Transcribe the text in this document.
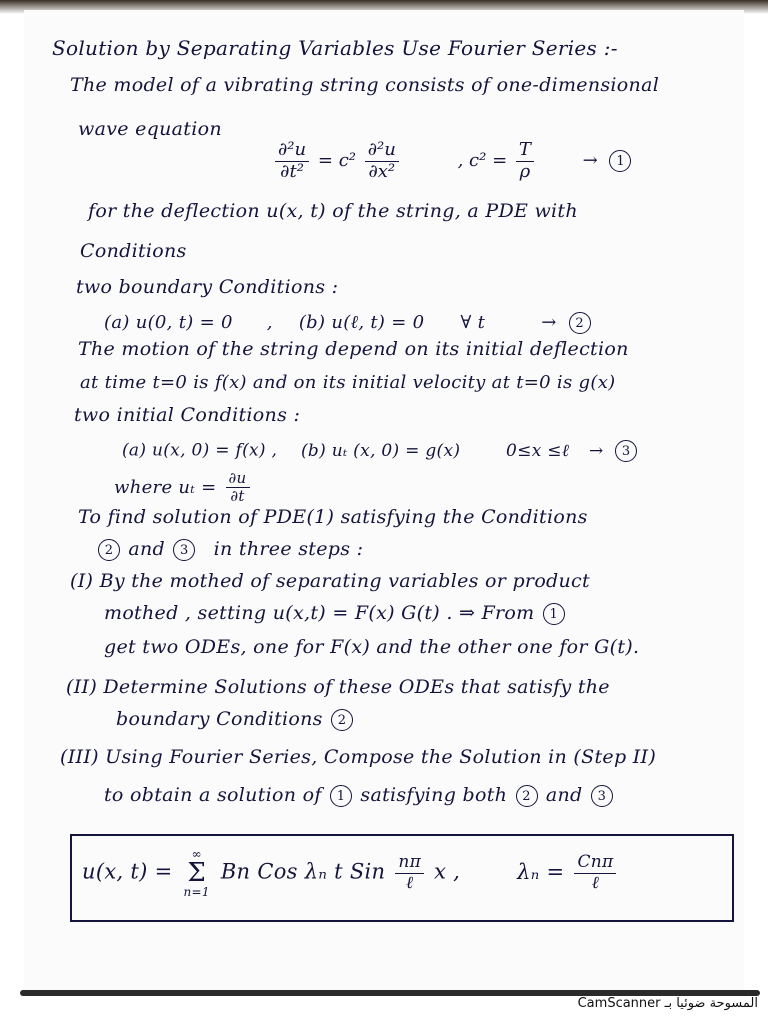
Solution by Separating Variables Use Fourier Series :-
The model of a vibrating string consists of one-dimensional
wave equation
$\frac{\text{∂²u}}{\text{∂t²}} = c^2 \frac{\text{∂²u}}{\text{∂x²}}$	, $c^2 = \frac{T}{\rho}$	→ 1
for the deflection u(x, t) of the string, a PDE with
Conditions
two boundary Conditions :
(a) u(0, t) = 0 , (b) u(ℓ, t) = 0 ∀ t	→ 2
The motion of the string depend on its initial deflection
at time t=0 is f(x) and on its initial velocity at t=0 is g(x)
two initial Conditions :
(a) u(x, 0) = f(x) , (b) uₜ (x, 0) = g(x)	0≤x ≤ℓ → 3
where $u_t = \frac{\partial u}{\partial t}$
To find solution of PDE(1) satisfying the Conditions
2 and 3 in three steps :
(I) By the mothed of separating variables or product
mothed , setting u(x,t) = F(x) G(t) . ⇒ From 1
get two ODEs, one for F(x) and the other one for G(t).
(II) Determine Solutions of these ODEs that satisfy the
boundary Conditions 2
(III) Using Fourier Series, Compose the Solution in (Step II)
to obtain a solution of 1 satisfying both 2 and 3
u(x, t) =
∞
Σ
n=1
Bn Cos λₙ t Sin $\frac{n\pi}{\text{ℓ}}$ x ,	$\lambda_n = \frac{\text{Cnπ}}{\text{ℓ}}$
CamScanner المسوحة ضوئيا بـ
